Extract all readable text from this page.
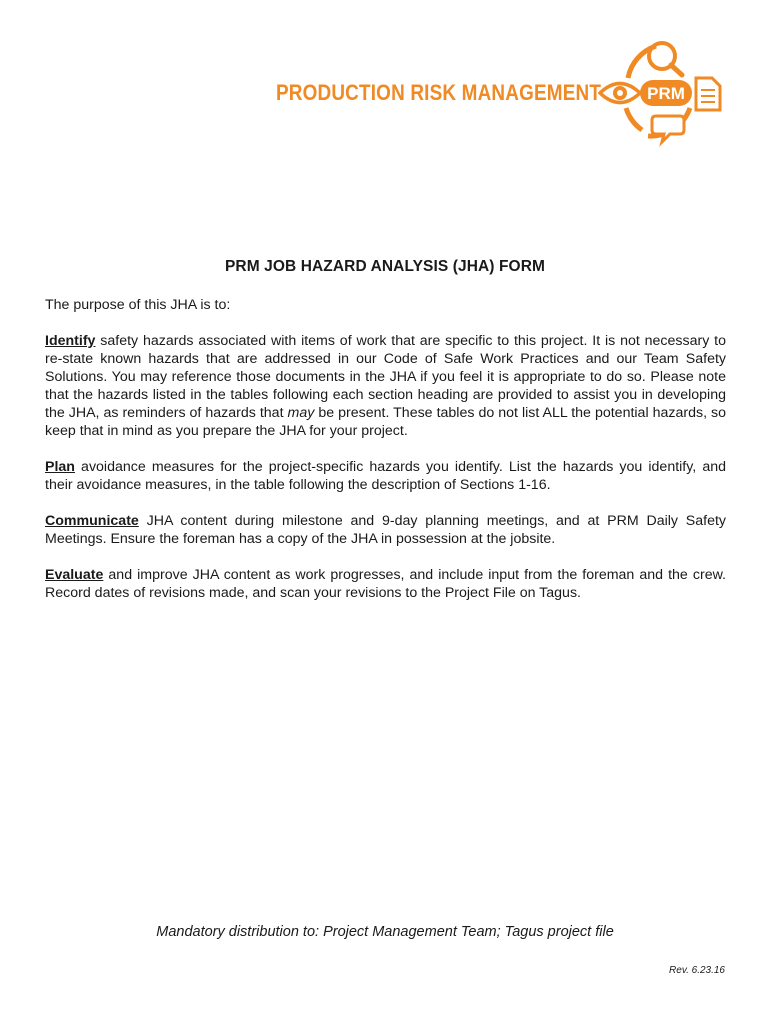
PRODUCTION RISK MANAGEMENT	PRM
PRM JOB HAZARD ANALYSIS (JHA) FORM

The purpose of this JHA is to:

Identify safety hazards associated with items of work that are specific to this project. It is not necessary to re-state known hazards that are addressed in our Code of Safe Work Practices and our Team Safety Solutions. You may reference those documents in the JHA if you feel it is appropriate to do so. Please note that the hazards listed in the tables following each section heading are provided to assist you in developing the JHA, as reminders of hazards that may be present. These tables do not list ALL the potential hazards, so keep that in mind as you prepare the JHA for your project.

Plan avoidance measures for the project-specific hazards you identify. List the hazards you identify, and their avoidance measures, in the table following the description of Sections 1-16.

Communicate JHA content during milestone and 9-day planning meetings, and at PRM Daily Safety Meetings. Ensure the foreman has a copy of the JHA in possession at the jobsite.

Evaluate and improve JHA content as work progresses, and include input from the foreman and the crew. Record dates of revisions made, and scan your revisions to the Project File on Tagus.

Mandatory distribution to: Project Management Team; Tagus project file
Rev. 6.23.16
